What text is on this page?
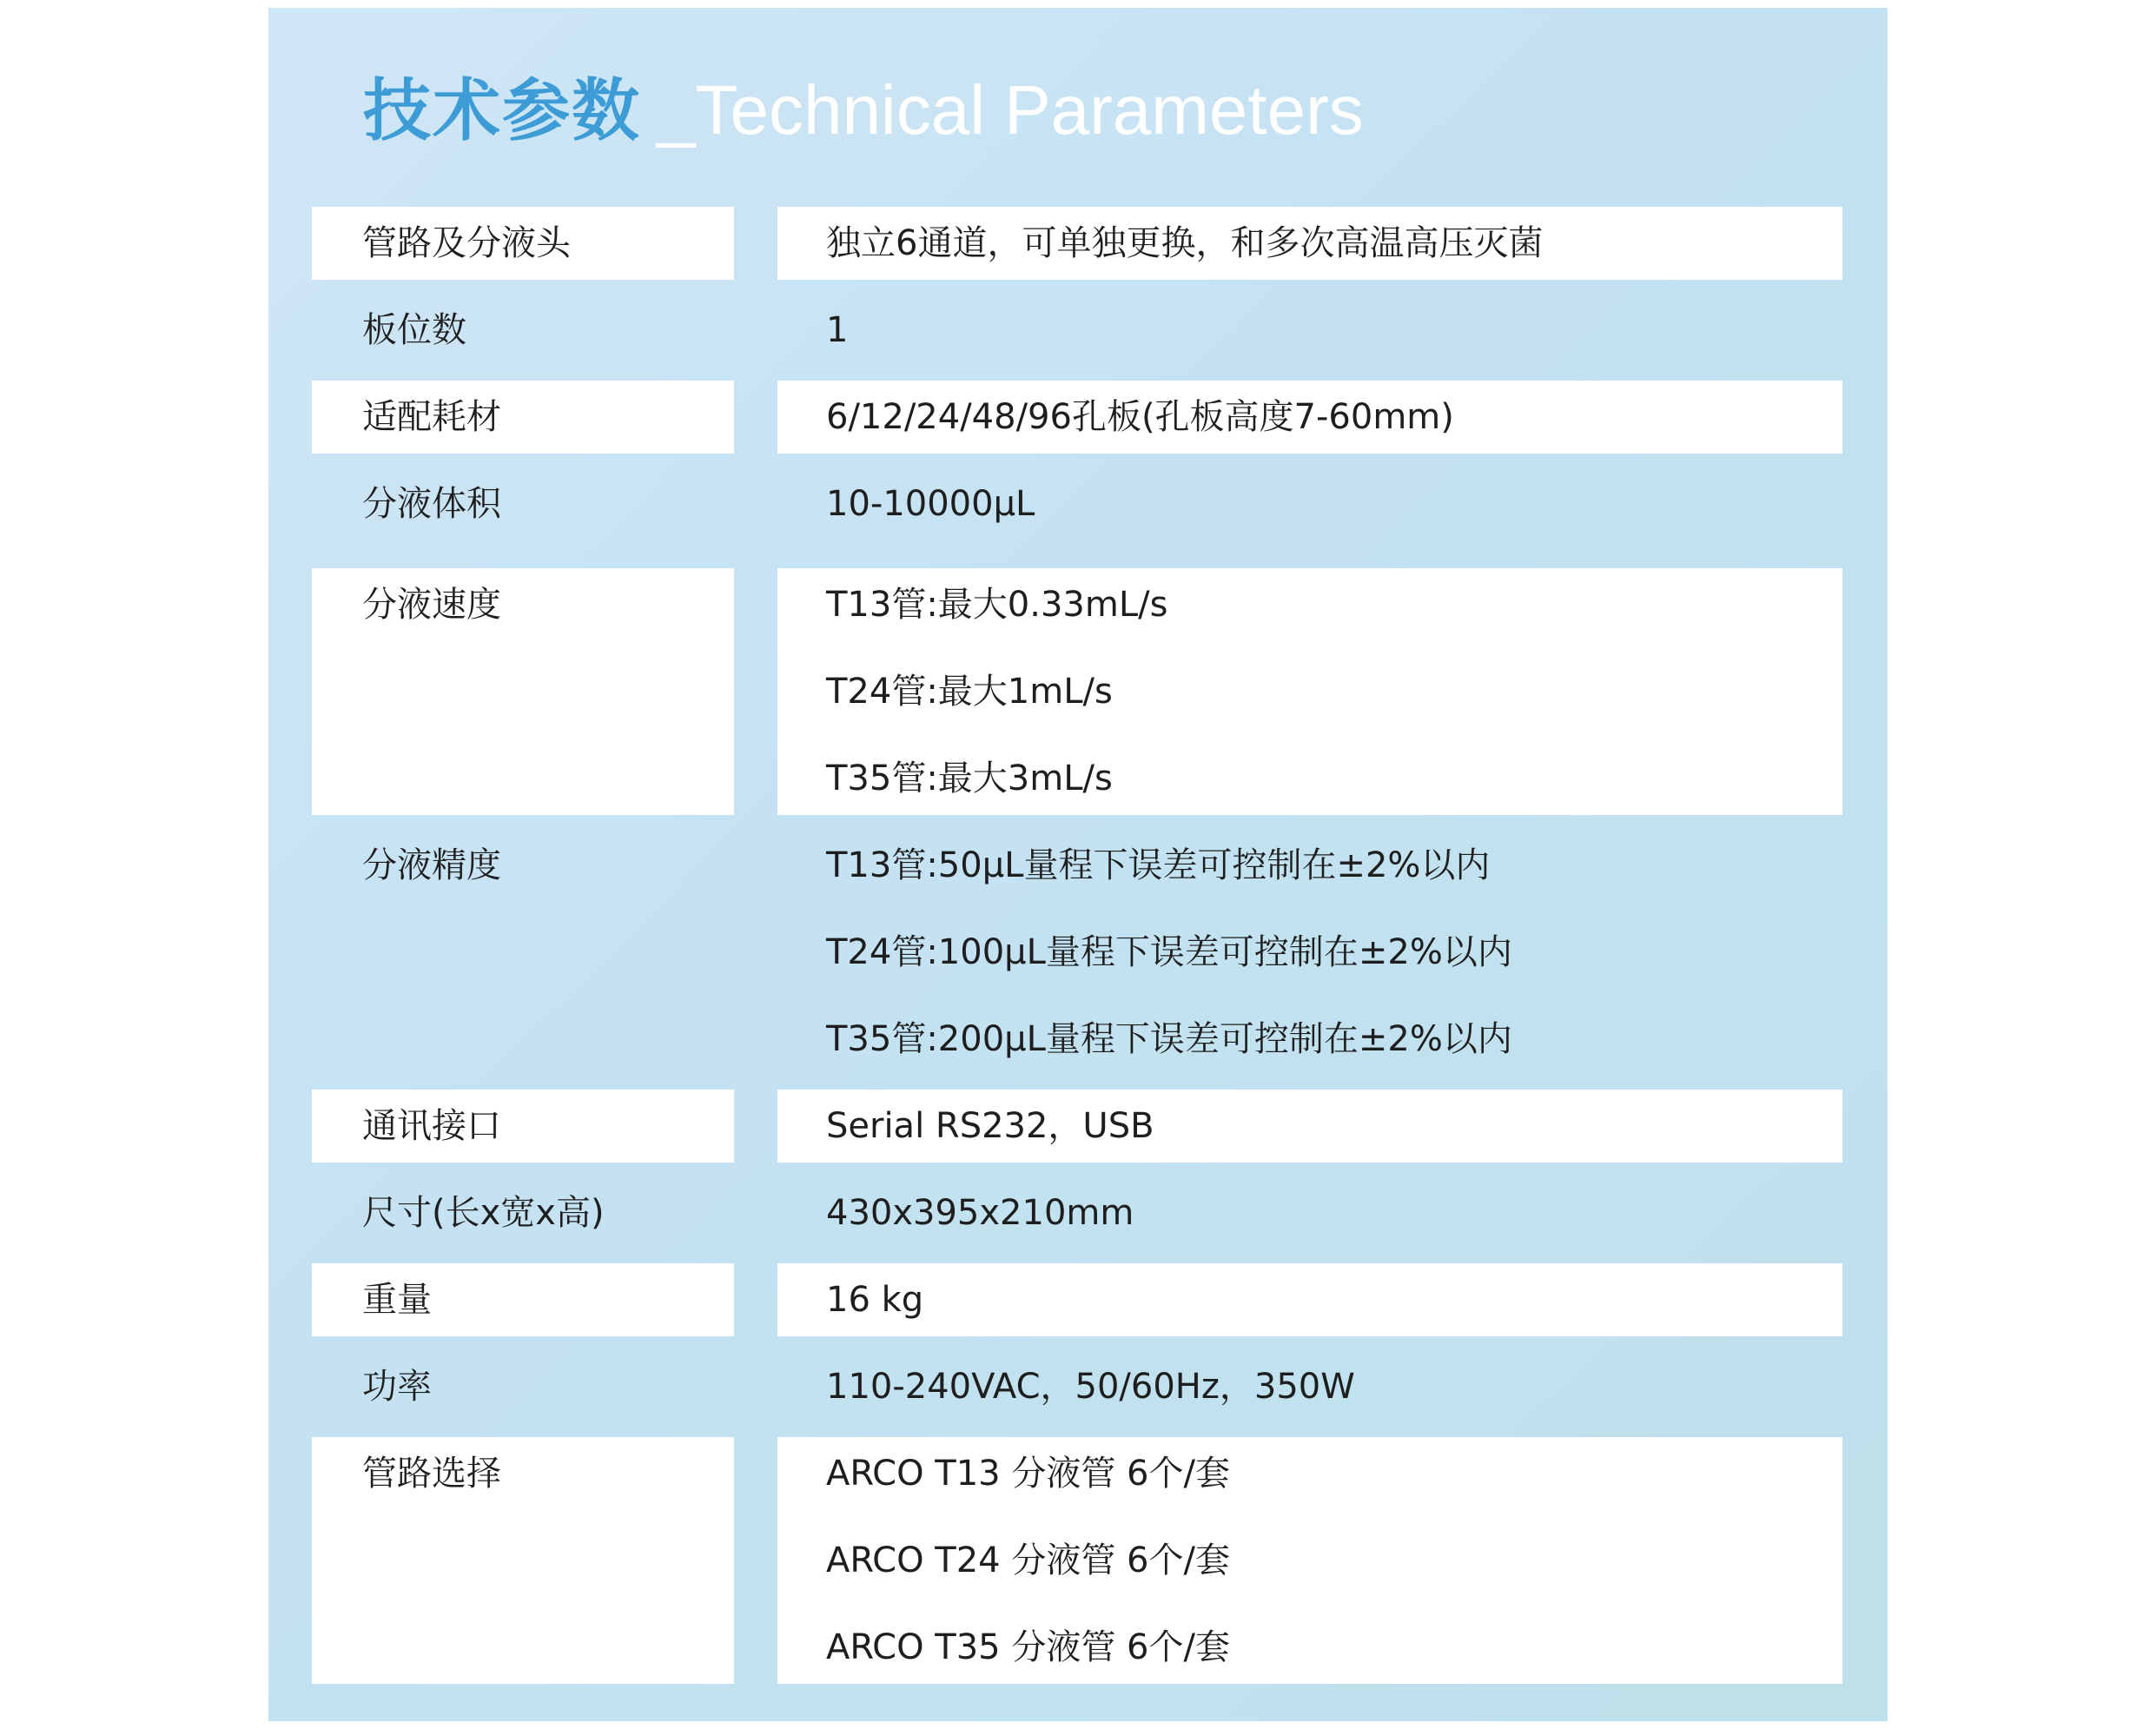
技术参数 _Technical Parameters
管路及分液头	独立6通道，可单独更换，和多次高温高压灭菌
板位数	1
适配耗材	6/12/24/48/96孔板(孔板高度7-60mm)
分液体积	10-10000μL
分液速度	T13管:最大0.33mL/s
T24管:最大1mL/s
T35管:最大3mL/s
分液精度	T13管:50μL量程下误差可控制在±2%以内
T24管:100μL量程下误差可控制在±2%以内
T35管:200μL量程下误差可控制在±2%以内
通讯接口	Serial RS232，USB
尺寸(长x宽x高)	430x395x210mm
重量	16 kg
功率	110-240VAC，50/60Hz，350W
管路选择	ARCO T13 分液管 6个/套
ARCO T24 分液管 6个/套
ARCO T35 分液管 6个/套
